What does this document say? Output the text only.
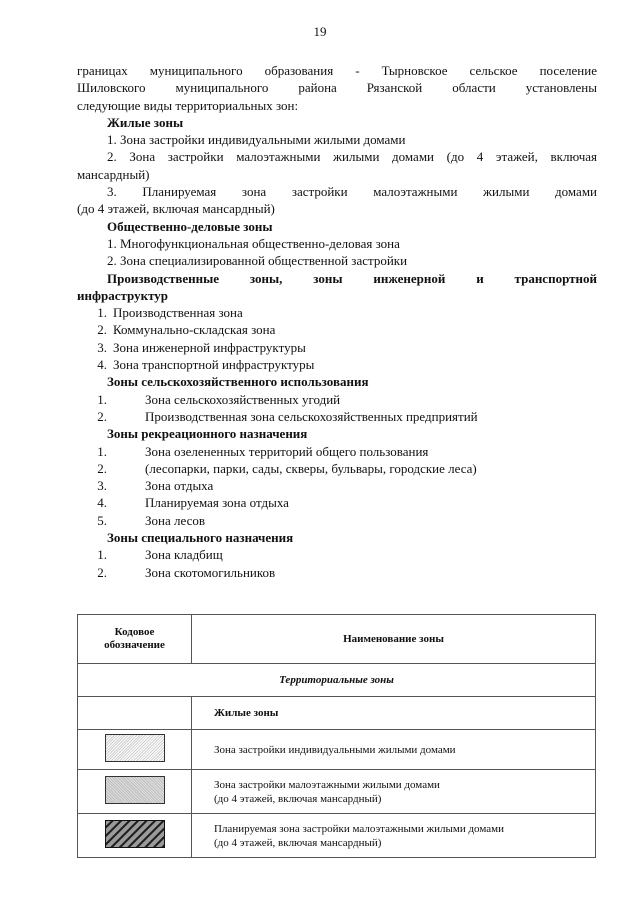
19

границах муниципального образования - Тырновское сельское поселение

Шиловского муниципального района Рязанской области установлены

следующие виды территориальных зон:

Жилые зоны

1. Зона застройки индивидуальными жилыми домами

2. Зона застройки малоэтажными жилыми домами (до 4 этажей, включая

мансардный)

3. Планируемая зона застройки малоэтажными жилыми домами

(до 4 этажей, включая мансардный)

Общественно-деловые зоны

1. Многофункциональная общественно-деловая зона

2. Зона специализированной общественной застройки

Производственные зоны, зоны инженерной и транспортной

инфраструктур

1. Производственная зона
2. Коммунально-складская зона
3. Зона инженерной инфраструктуры
4. Зона транспортной инфраструктуры

Зоны сельскохозяйственного использования

1.	Зона сельскохозяйственных угодий
2.	Производственная зона сельскохозяйственных предприятий

Зоны рекреационного назначения

1.	Зона озелененных территорий общего пользования
2.	(лесопарки, парки, сады, скверы, бульвары, городские леса)
3.	Зона отдыха
4.	Планируемая зона отдыха
5.	Зона лесов

Зоны специального назначения

1.	Зона кладбищ
2.	Зона скотомогильников
Кодовое
обозначение	Наименование зоны
Территориальные зоны	
	Жилые зоны

	Зона застройки индивидуальными жилыми домами

	Зона застройки малоэтажными жилыми домами
(до 4 этажей, включая мансардный)

	Планируемая зона застройки малоэтажными жилыми домами
(до 4 этажей, включая мансардный)
